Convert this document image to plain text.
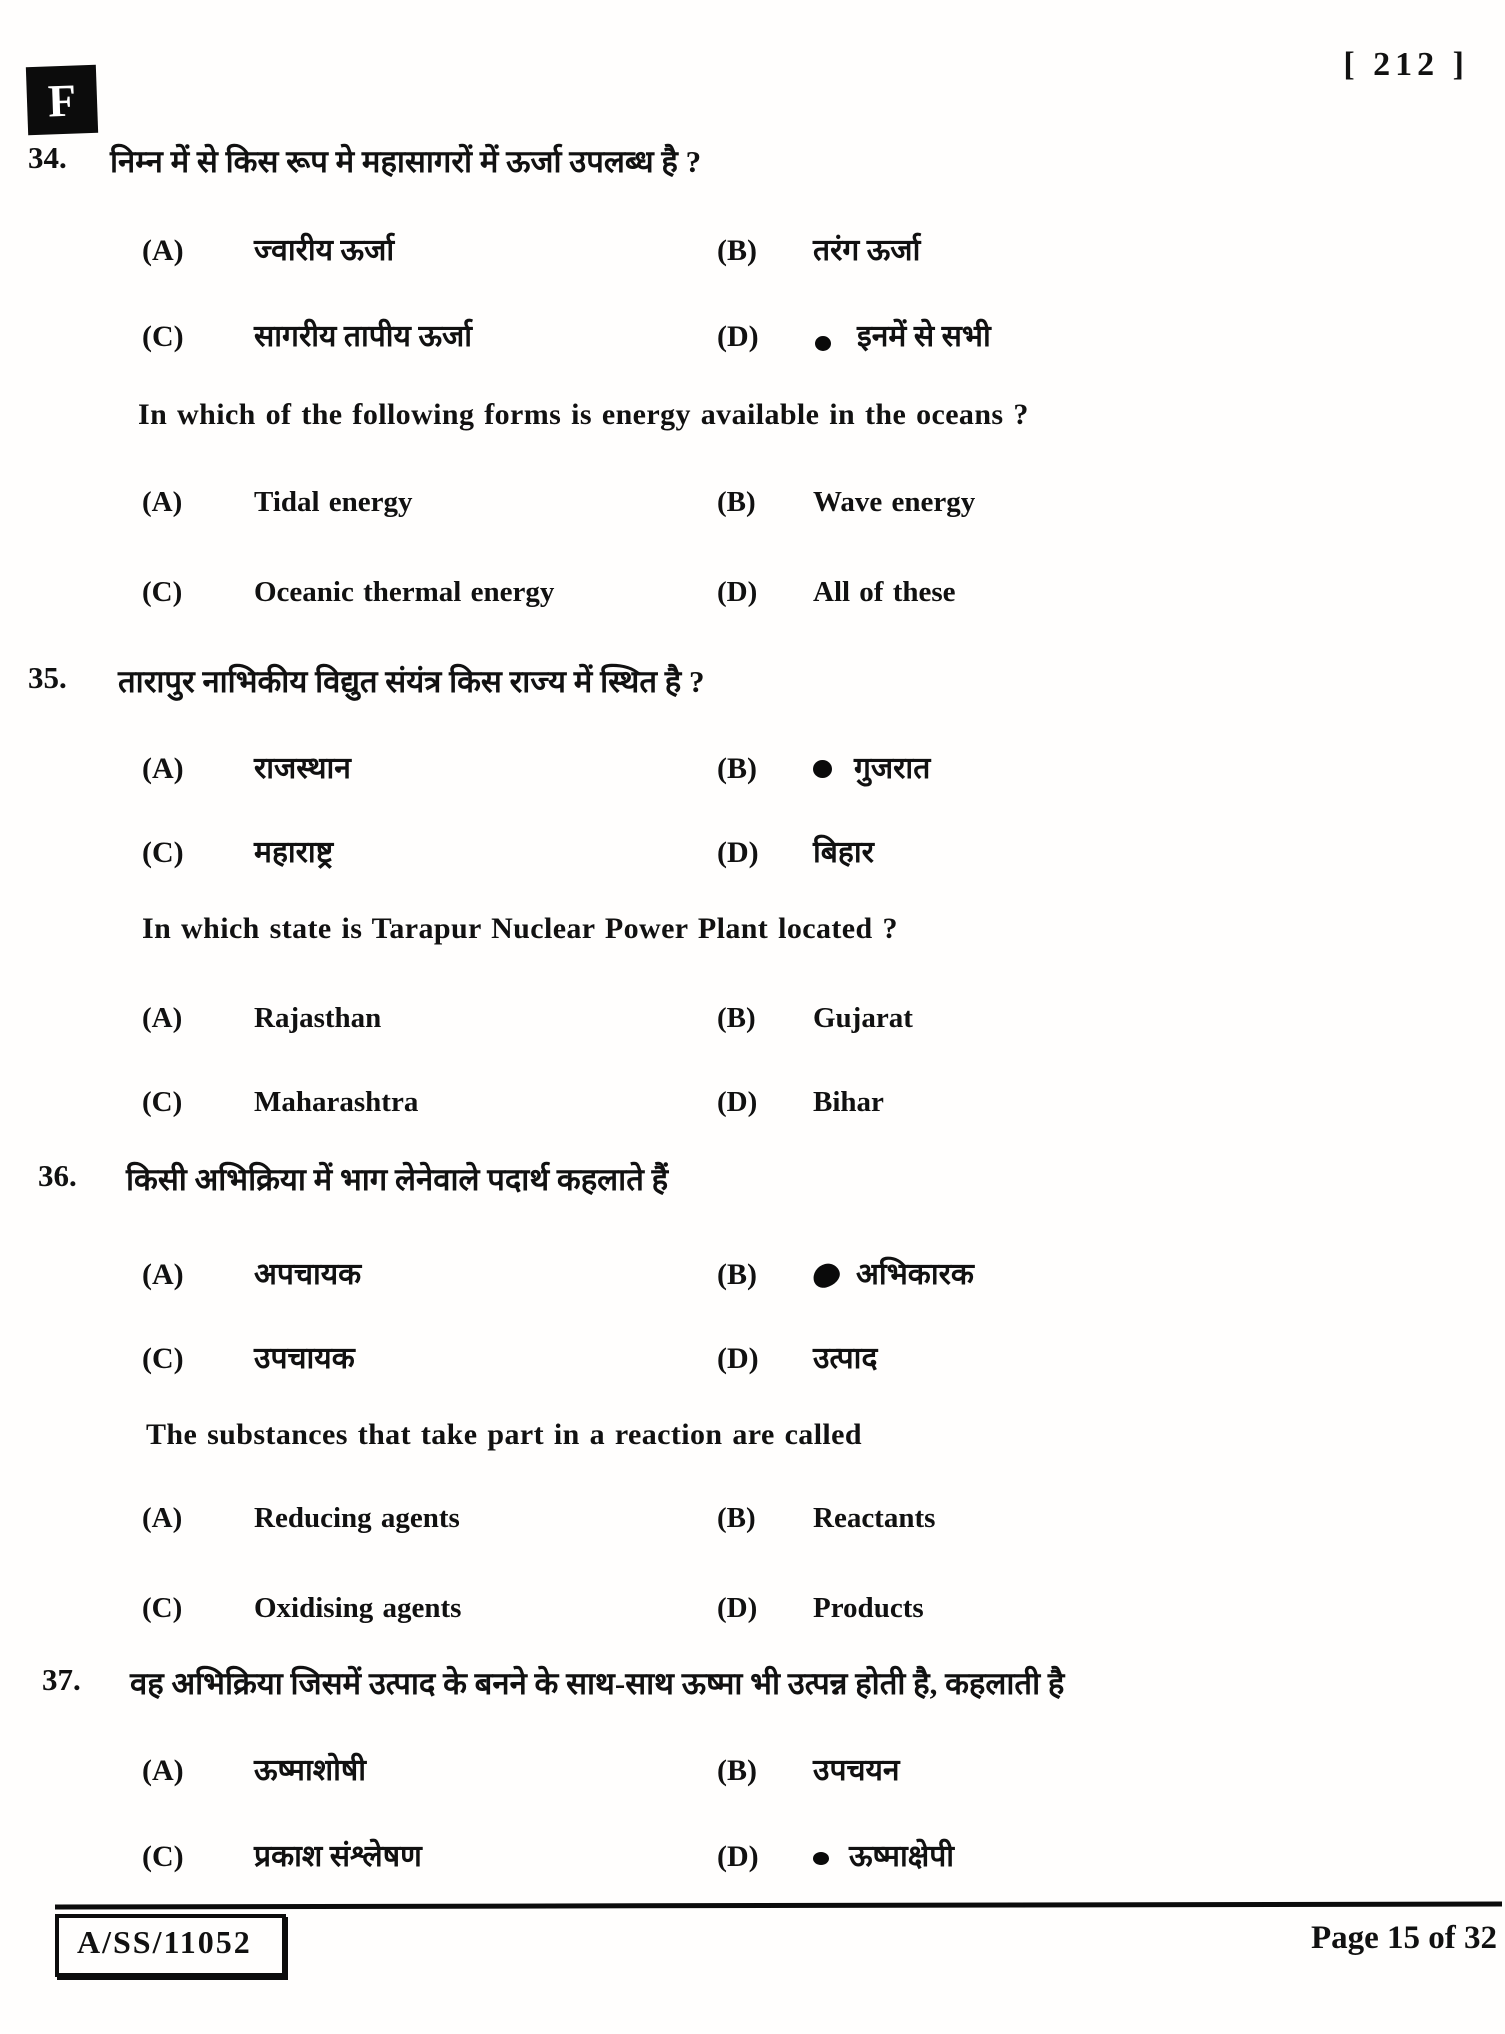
F
[ 212 ]
34. निम्न में से किस रूप मे महासागरों में ऊर्जा उपलब्ध है ?
(A)	ज्वारीय ऊर्जा	(B)	तरंग ऊर्जा
(C)	सागरीय तापीय ऊर्जा	(D)	इनमें से सभी
In which of the following forms is energy available in the oceans ?
(A)	Tidal energy	(B)	Wave energy
(C)	Oceanic thermal energy	(D)	All of these
35. तारापुर नाभिकीय विद्युत संयंत्र किस राज्य में स्थित है ?
(A)	राजस्थान	(B)	गुजरात
(C)	महाराष्ट्र	(D)	बिहार
In which state is Tarapur Nuclear Power Plant located ?
(A)	Rajasthan	(B)	Gujarat
(C)	Maharashtra	(D)	Bihar
36. किसी अभिक्रिया में भाग लेनेवाले पदार्थ कहलाते हैं
(A)	अपचायक	(B)	अभिकारक
(C)	उपचायक	(D)	उत्पाद
The substances that take part in a reaction are called
(A)	Reducing agents	(B)	Reactants
(C)	Oxidising agents	(D)	Products
37. वह अभिक्रिया जिसमें उत्पाद के बनने के साथ-साथ ऊष्मा भी उत्पन्न होती है, कहलाती है
(A)	ऊष्माशोषी	(B)	उपचयन
(C)	प्रकाश संश्लेषण	(D)	ऊष्माक्षेपी
A/SS/11052	Page 15 of 32
